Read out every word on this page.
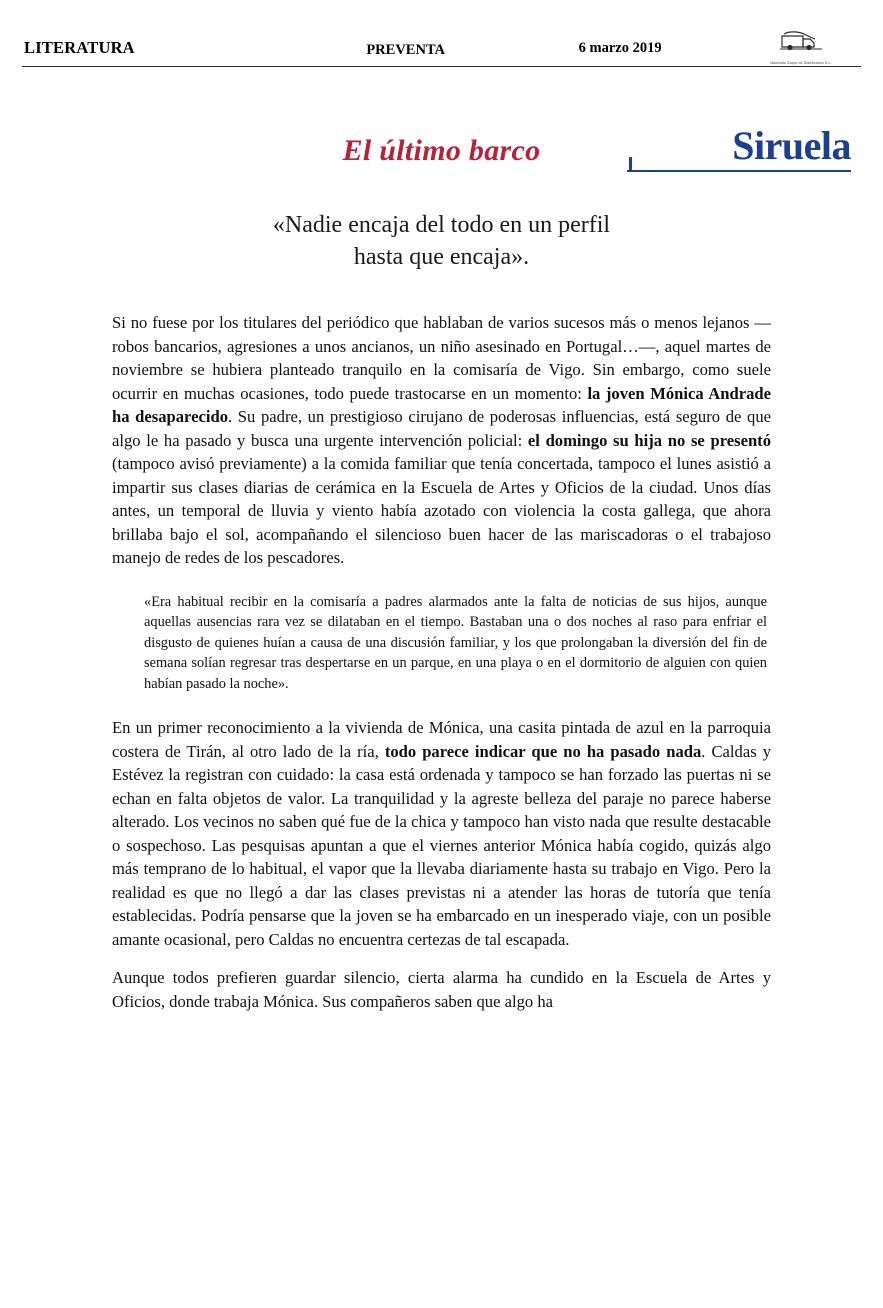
LITERATURA	PREVENTA	6 marzo 2019
Machado Grupo de Distribución S.L.
Siruela
El último barco
«Nadie encaja del todo en un perfil
hasta que encaja».

Si no fuese por los titulares del periódico que hablaban de varios sucesos más o menos lejanos —robos bancarios, agresiones a unos ancianos, un niño asesinado en Portugal…—, aquel martes de noviembre se hubiera planteado tranquilo en la comisaría de Vigo. Sin embargo, como suele ocurrir en muchas ocasiones, todo puede trastocarse en un momento: la joven Mónica Andrade ha desaparecido. Su padre, un prestigioso cirujano de poderosas influencias, está seguro de que algo le ha pasado y busca una urgente intervención policial: el domingo su hija no se presentó (tampoco avisó previamente) a la comida familiar que tenía concertada, tampoco el lunes asistió a impartir sus clases diarias de cerámica en la Escuela de Artes y Oficios de la ciudad. Unos días antes, un temporal de lluvia y viento había azotado con violencia la costa gallega, que ahora brillaba bajo el sol, acompañando el silencioso buen hacer de las mariscadoras o el trabajoso manejo de redes de los pescadores.

«Era habitual recibir en la comisaría a padres alarmados ante la falta de noticias de sus hijos, aunque aquellas ausencias rara vez se dilataban en el tiempo. Bastaban una o dos noches al raso para enfriar el disgusto de quienes huían a causa de una discusión familiar, y los que prolongaban la diversión del fin de semana solían regresar tras despertarse en un parque, en una playa o en el dormitorio de alguien con quien habían pasado la noche».

En un primer reconocimiento a la vivienda de Mónica, una casita pintada de azul en la parroquia costera de Tirán, al otro lado de la ría, todo parece indicar que no ha pasado nada. Caldas y Estévez la registran con cuidado: la casa está ordenada y tampoco se han forzado las puertas ni se echan en falta objetos de valor. La tranquilidad y la agreste belleza del paraje no parece haberse alterado. Los vecinos no saben qué fue de la chica y tampoco han visto nada que resulte destacable o sospechoso. Las pesquisas apuntan a que el viernes anterior Mónica había cogido, quizás algo más temprano de lo habitual, el vapor que la llevaba diariamente hasta su trabajo en Vigo. Pero la realidad es que no llegó a dar las clases previstas ni a atender las horas de tutoría que tenía establecidas. Podría pensarse que la joven se ha embarcado en un inesperado viaje, con un posible amante ocasional, pero Caldas no encuentra certezas de tal escapada.

Aunque todos prefieren guardar silencio, cierta alarma ha cundido en la Escuela de Artes y Oficios, donde trabaja Mónica. Sus compañeros saben que algo ha
